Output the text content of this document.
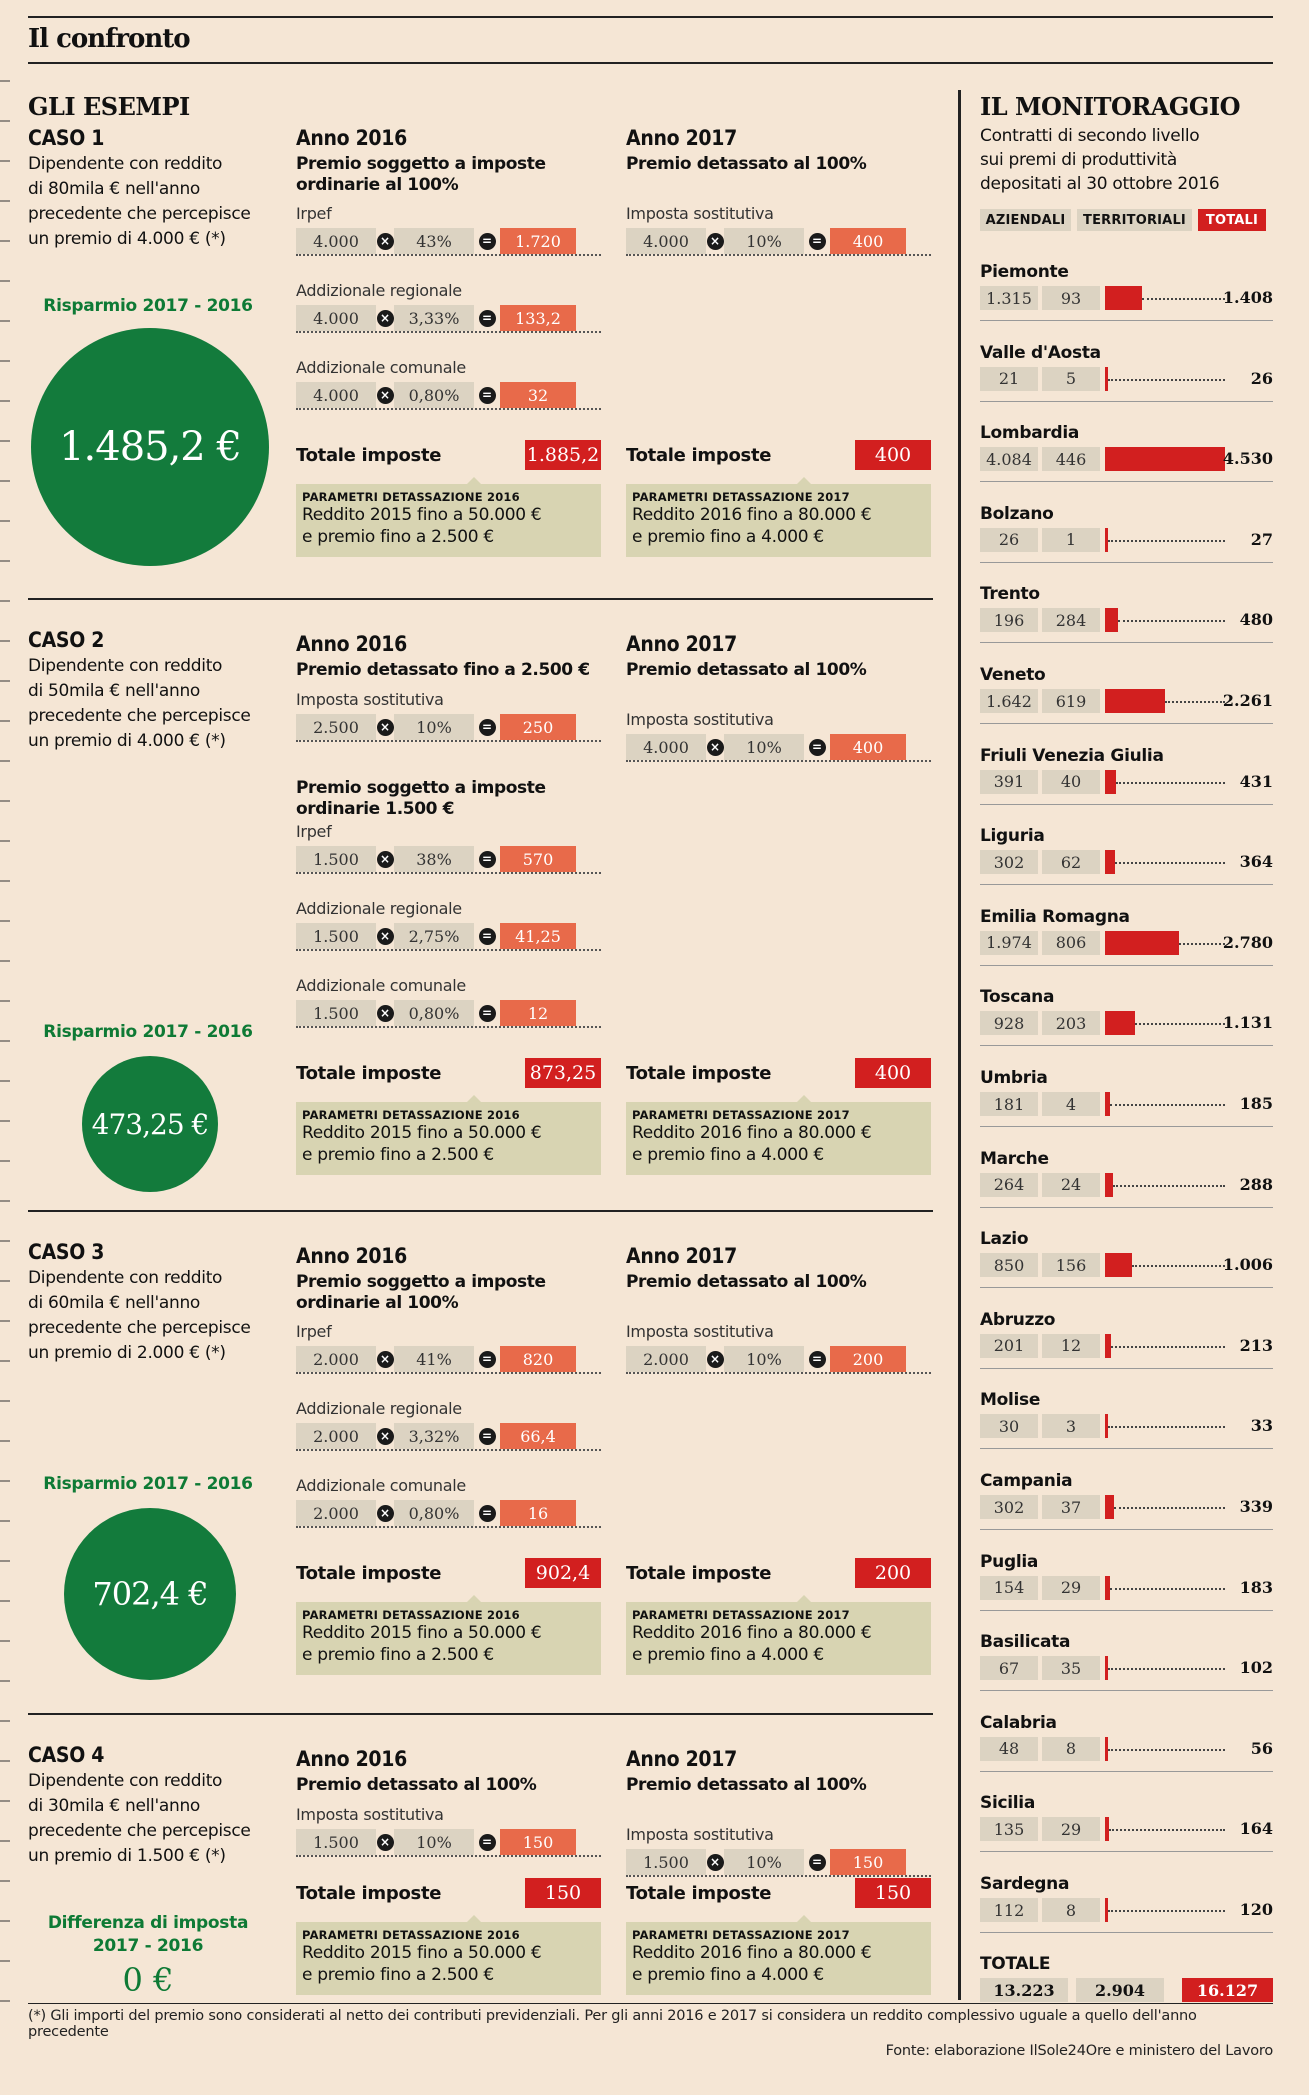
Il confronto
GLI ESEMPI	IL MONITORAGGIO
Contratti di secondo livello
sui premi di produttività
depositati al 30 ottobre 2016
AZIENDALI	TERRITORIALI	TOTALI
CASO 1
Dipendente con reddito
di 80mila € nell'anno
precedente che percepisce
un premio di 4.000 € (*)
Risparmio 2017 - 2016
1.485,2 €
Anno 2016	Anno 2017
Premio detassato al 100%
Imposta sostitutiva
4.000	×	10%	=	400
Premio soggetto a imposte
ordinarie al 100%
Irpef
4.000	×	43%	=	1.720
Addizionale regionale
4.000	×	3,33%	=	133,2
Addizionale comunale
4.000	×	0,80%	=	32
Totale imposte	1.885,2 Totale imposte	400
PARAMETRI DETASSAZIONE 2016
Reddito 2015 fino a 50.000 €
e premio fino a 2.500 €
PARAMETRI DETASSAZIONE 2017
Reddito 2016 fino a 80.000 €
e premio fino a 4.000 €
CASO 2
Dipendente con reddito
di 50mila € nell'anno
precedente che percepisce
un premio di 4.000 € (*)
Risparmio 2017 - 2016
473,25 €
Anno 2016	Anno 2017
Premio detassato al 100%
Imposta sostitutiva
4.000	×	10%	=	400
Premio detassato fino a 2.500 €
Imposta sostitutiva
2.500	×	10%	=	250
Premio soggetto a imposte
ordinarie 1.500 €
Irpef
1.500	×	38%	=	570
Addizionale regionale
1.500	×	2,75%	=	41,25
Addizionale comunale
1.500	×	0,80%	=	12
Totale imposte	873,25 Totale imposte	400
PARAMETRI DETASSAZIONE 2016
Reddito 2015 fino a 50.000 €
e premio fino a 2.500 €
PARAMETRI DETASSAZIONE 2017
Reddito 2016 fino a 80.000 €
e premio fino a 4.000 €
CASO 3
Dipendente con reddito
di 60mila € nell'anno
precedente che percepisce
un premio di 2.000 € (*)
Risparmio 2017 - 2016
702,4 €
Anno 2016	Anno 2017
Premio detassato al 100%
Imposta sostitutiva
2.000	×	10%	=	200
Premio soggetto a imposte
ordinarie al 100%
Irpef
2.000	×	41%	=	820
Addizionale regionale
2.000	×	3,32%	=	66,4
Addizionale comunale
2.000	×	0,80%	=	16
Totale imposte	902,4	Totale imposte	200
PARAMETRI DETASSAZIONE 2016
Reddito 2015 fino a 50.000 €
e premio fino a 2.500 €
PARAMETRI DETASSAZIONE 2017
Reddito 2016 fino a 80.000 €
e premio fino a 4.000 €
CASO 4
Dipendente con reddito
di 30mila € nell'anno
precedente che percepisce
un premio di 1.500 € (*)
Differenza di imposta
2017 - 2016
0 €
Anno 2016	Anno 2017
Premio detassato al 100%
Imposta sostitutiva
1.500	×	10%	=	150
Premio detassato al 100%
Imposta sostitutiva
1.500	×	10%	=	150
Totale imposte	150	Totale imposte	150
PARAMETRI DETASSAZIONE 2016
Reddito 2015 fino a 50.000 €
e premio fino a 2.500 €
PARAMETRI DETASSAZIONE 2017
Reddito 2016 fino a 80.000 €
e premio fino a 4.000 €
Piemonte
1.315	93	1.408
Valle d'Aosta
21	5	26
Lombardia
4.084	446	4.530
Bolzano
26	1	27
Trento
196	284	480
Veneto
1.642	619	2.261
Friuli Venezia Giulia
391	40	431
Liguria
302	62	364
Emilia Romagna
1.974	806	2.780
Toscana
928	203	1.131
Umbria
181	4	185
Marche
264	24	288
Lazio
850	156	1.006
Abruzzo
201	12	213
Molise
30	3	33
Campania
302	37	339
Puglia
154	29	183
Basilicata
67	35	102
Calabria
48	8	56
Sicilia
135	29	164
Sardegna
112	8	120
TOTALE
13.223	2.904	16.127
(*) Gli importi del premio sono considerati al netto dei contributi previdenziali. Per gli anni 2016 e 2017 si considera un reddito complessivo uguale a quello dell'anno precedente
Fonte: elaborazione IlSole24Ore e ministero del Lavoro
